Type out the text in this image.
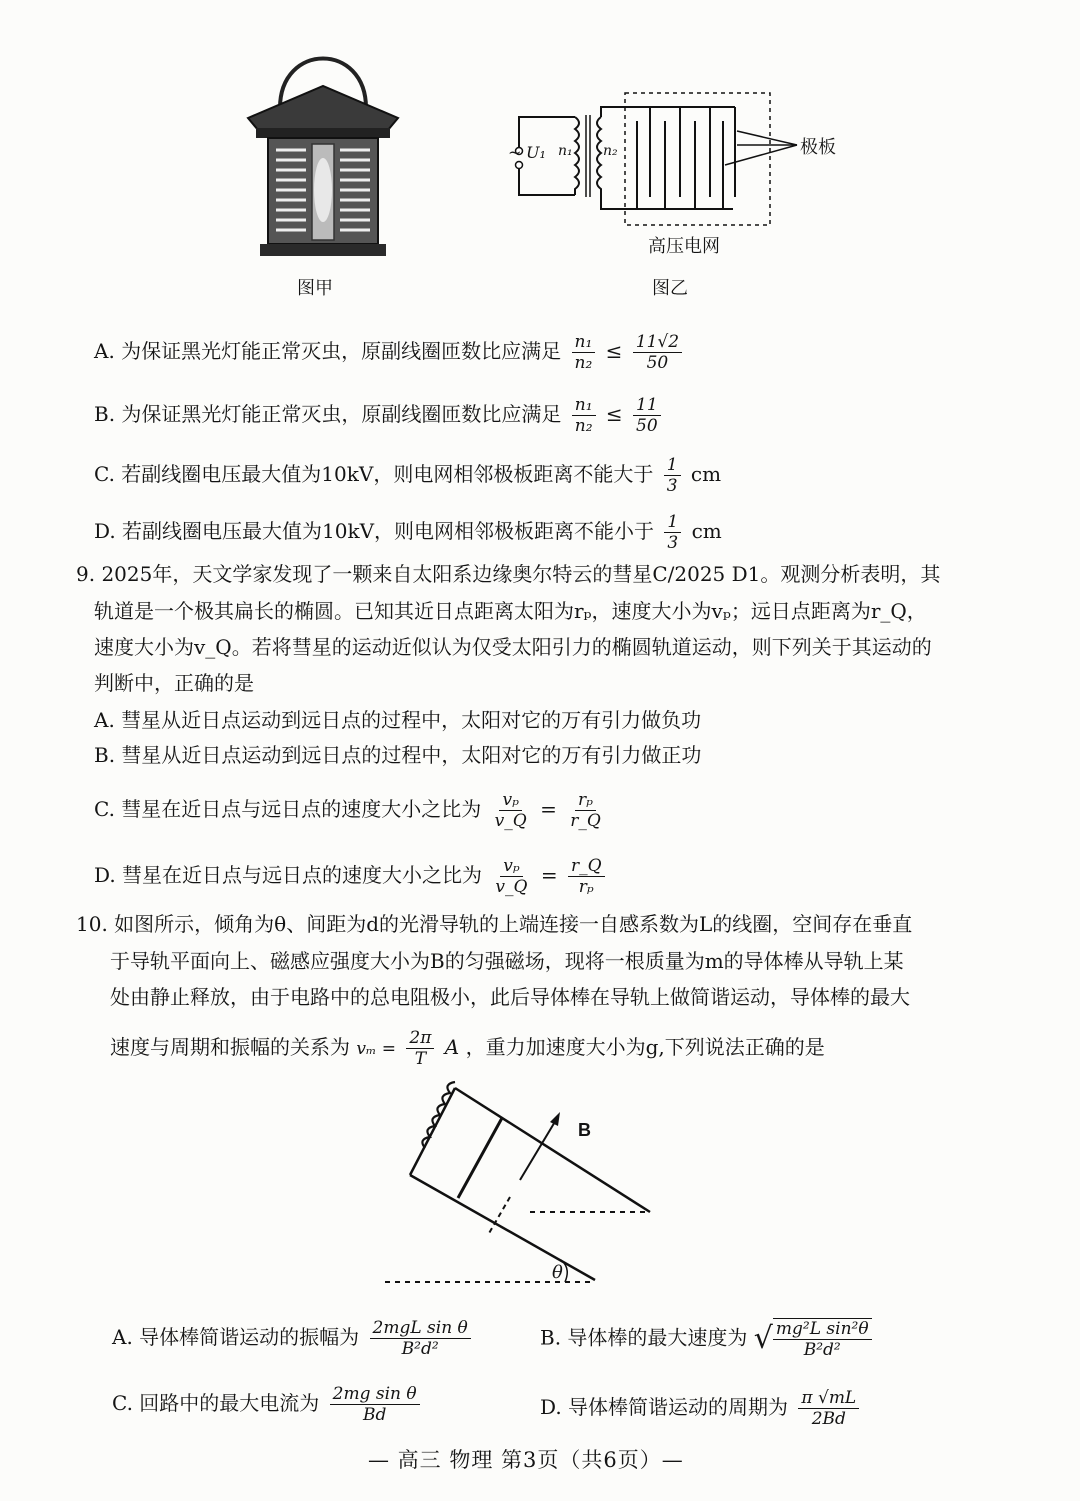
图甲
~ U₁ n₁ n₂	极板
高压电网
图乙
A. 为保证黑光灯能正常灭虫，原副线圈匝数比应满足 $\frac{\text{n₁}}{\text{n₂}} \le \frac{11√2}{50}$
B. 为保证黑光灯能正常灭虫，原副线圈匝数比应满足 $\frac{\text{n₁}}{\text{n₂}} \le \frac{11}{50}$
C. 若副线圈电压最大值为10kV，则电网相邻极板距离不能大于 $\frac{1}{3}$ cm
D. 若副线圈电压最大值为10kV，则电网相邻极板距离不能小于 $\frac{1}{3}$ cm
9. 2025年，天文学家发现了一颗来自太阳系边缘奥尔特云的彗星C/2025 D1。观测分析表明，其
轨道是一个极其扁长的椭圆。已知其近日点距离太阳为rₚ，速度大小为vₚ；远日点距离为r_Q，
速度大小为v_Q。若将彗星的运动近似认为仅受太阳引力的椭圆轨道运动，则下列关于其运动的
判断中，正确的是
A. 彗星从近日点运动到远日点的过程中，太阳对它的万有引力做负功
B. 彗星从近日点运动到远日点的过程中，太阳对它的万有引力做正功
C. 彗星在近日点与远日点的速度大小之比为 $\frac{\text{vₚ}}{v\_Q} = \frac{\text{rₚ}}{r\_Q}$
D. 彗星在近日点与远日点的速度大小之比为 $\frac{\text{vₚ}}{v\_Q} = \frac{r\_Q}{\text{rₚ}}$
10. 如图所示，倾角为θ、间距为d的光滑导轨的上端连接一自感系数为L的线圈，空间存在垂直
于导轨平面向上、磁感应强度大小为B的匀强磁场，现将一根质量为m的导体棒从导轨上某
处由静止释放，由于电路中的总电阻极小，此后导体棒在导轨上做简谐运动，导体棒的最大
速度与周期和振幅的关系为 $v_m = \frac{2\pi}{T}$ A ，重力加速度大小为g,下列说法正确的是
B
θ
A. 导体棒简谐运动的振幅为 $\frac{\text{2mgL sin θ}}{\text{B²d²}}$	B. 导体棒的最大速度为 √ $\frac{\text{mg²L sin²θ}}{\text{B²d²}}$
C. 回路中的最大电流为 $\frac{\text{2mg sin θ}}{Bd}$	D. 导体棒简谐运动的周期为 $\frac{\pi √mL}{2Bd}$
— 高三 物理 第3页（共6页）—
